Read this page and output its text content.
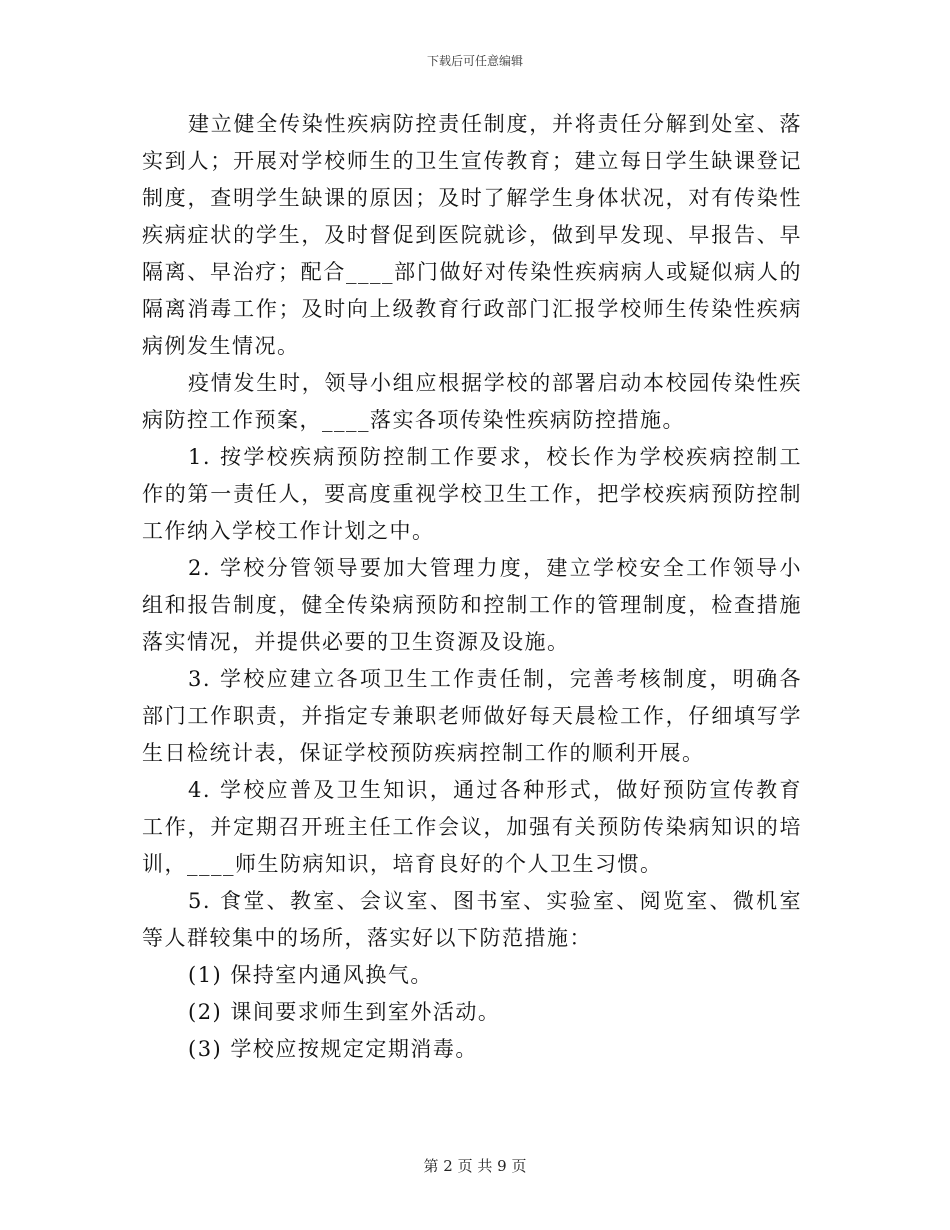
下载后可任意编辑

建立健全传染性疾病防控责任制度，并将责任分解到处室、落实到人；开展对学校师生的卫生宣传教育；建立每日学生缺课登记制度，查明学生缺课的原因；及时了解学生身体状况，对有传染性疾病症状的学生，及时督促到医院就诊，做到早发现、早报告、早隔离、早治疗；配合____部门做好对传染性疾病病人或疑似病人的隔离消毒工作；及时向上级教育行政部门汇报学校师生传染性疾病病例发生情况。

疫情发生时，领导小组应根据学校的部署启动本校园传染性疾病防控工作预案，____落实各项传染性疾病防控措施。

1. 按学校疾病预防控制工作要求，校长作为学校疾病控制工作的第一责任人，要高度重视学校卫生工作，把学校疾病预防控制工作纳入学校工作计划之中。

2. 学校分管领导要加大管理力度，建立学校安全工作领导小组和报告制度，健全传染病预防和控制工作的管理制度，检查措施落实情况，并提供必要的卫生资源及设施。

3. 学校应建立各项卫生工作责任制，完善考核制度，明确各部门工作职责，并指定专兼职老师做好每天晨检工作，仔细填写学生日检统计表，保证学校预防疾病控制工作的顺利开展。

4. 学校应普及卫生知识，通过各种形式，做好预防宣传教育工作，并定期召开班主任工作会议，加强有关预防传染病知识的培训，____师生防病知识，培育良好的个人卫生习惯。

5. 食堂、教室、会议室、图书室、实验室、阅览室、微机室等人群较集中的场所，落实好以下防范措施：

(1) 保持室内通风换气。

(2) 课间要求师生到室外活动。

(3) 学校应按规定定期消毒。

第 2 页 共 9 页
